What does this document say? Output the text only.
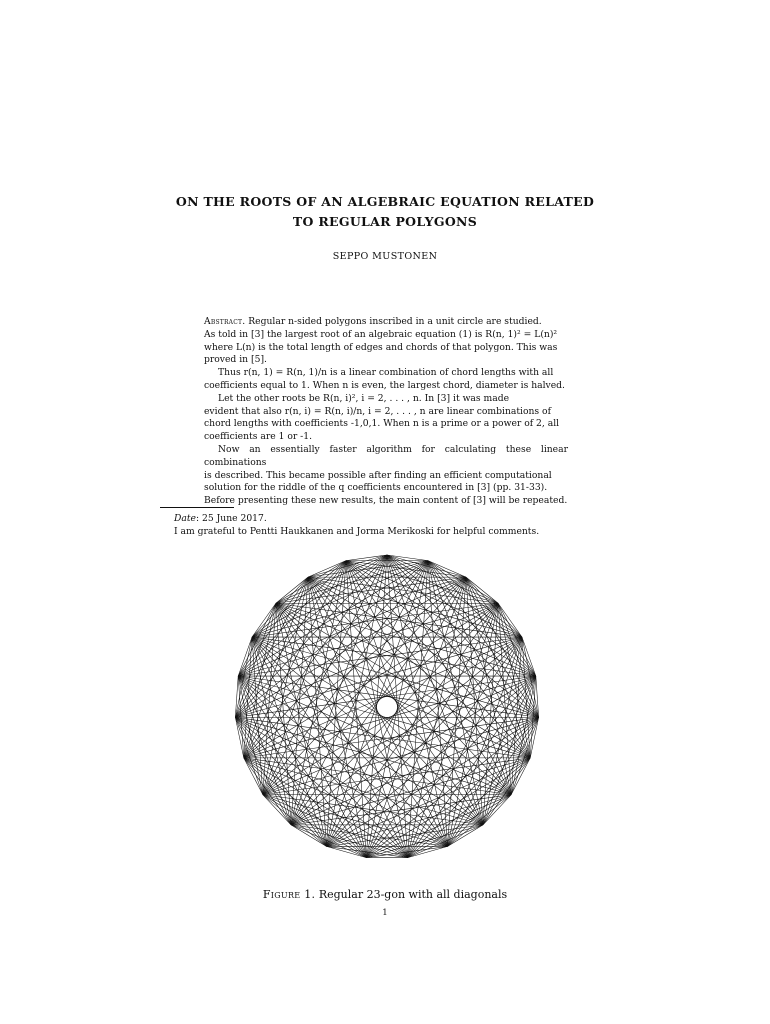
ON THE ROOTS OF AN ALGEBRAIC EQUATION RELATED
TO REGULAR POLYGONS
SEPPO MUSTONEN

Abstract. Regular n-sided polygons inscribed in a unit circle are studied.
As told in [3] the largest root of an algebraic equation (1) is R(n, 1)² = L(n)²
where L(n) is the total length of edges and chords of that polygon. This was
proved in [5].

Thus r(n, 1) = R(n, 1)/n is a linear combination of chord lengths with all
coefficients equal to 1. When n is even, the largest chord, diameter is halved.

Let the other roots be R(n, i)², i = 2, . . . , n. In [3] it was made
evident that also r(n, i) = R(n, i)/n, i = 2, . . . , n are linear combinations of
chord lengths with coefficients -1,0,1. When n is a prime or a power of 2, all
coefficients are 1 or -1.

Now an essentially faster algorithm for calculating these linear combinations
is described. This became possible after finding an efficient computational
solution for the riddle of the q coefficients encountered in [3] (pp. 31-33).
Before presenting these new results, the main content of [3] will be repeated.

Date: 25 June 2017.
I am grateful to Pentti Haukkanen and Jorma Merikoski for helpful comments.
Figure 1. Regular 23-gon with all diagonals
1
